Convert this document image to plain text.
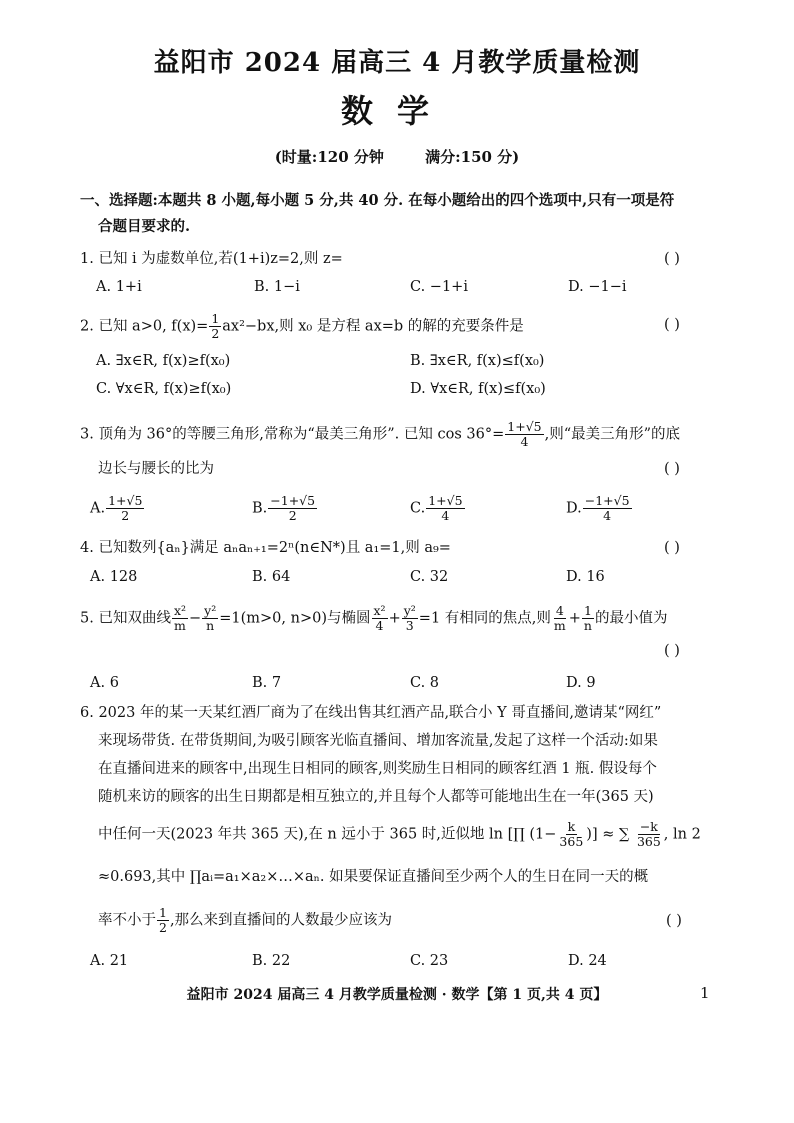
益阳市 2024 届高三 4 月教学质量检测
数学
(时量:120 分钟	满分:150 分)
一、选择题:本题共 8 小题,每小题 5 分,共 40 分. 在每小题给出的四个选项中,只有一项是符
合题目要求的.
1. 已知 i 为虚数单位,若(1+i)z=2,则 z=	( )
A. 1+i	B. 1−i	C. −1+i	D. −1−i
2. 已知 a>0, $f(x)= \frac{1}{2} ax^2-bx$,则 x₀ 是方程 ax=b 的解的充要条件是	( )
A. ∃x∈R, f(x)≥f(x₀)	B. ∃x∈R, f(x)≤f(x₀)
C. ∀x∈R, f(x)≥f(x₀)	D. ∀x∈R, f(x)≤f(x₀)
3. 顶角为 36°的等腰三角形,常称为“最美三角形”. 已知 $\cos 36^\circ= \frac{1+√5}{4}$ ,则“最美三角形”的底
边长与腰长的比为	( )
A. $\frac{1+√5}{2}$	B. $\frac{-1+√5}{2}$	C. $\frac{1+√5}{4}$	D. $\frac{-1+√5}{4}$
4. 已知数列{aₙ}满足 aₙaₙ₊₁=2ⁿ(n∈N*)且 a₁=1,则 a₉=	( )
A. 128	B. 64	C. 32	D. 16
5. 已知双曲线 $\frac{\text{x²}}{m} - \frac{\text{y²}}{n} =1(m>0$, n>0)与椭圆 $\frac{\text{x²}}{4} + \frac{\text{y²}}{3} =1$ 有相同的焦点,则 $\frac{4}{m} + \frac{1}{n}$ 的最小值为
( )
A. 6	B. 7	C. 8	D. 9
6. 2023 年的某一天某红酒厂商为了在线出售其红酒产品,联合小 Y 哥直播间,邀请某“网红”
来现场带货. 在带货期间,为吸引顾客光临直播间、增加客流量,发起了这样一个活动:如果
在直播间进来的顾客中,出现生日相同的顾客,则奖励生日相同的顾客红酒 1 瓶. 假设每个
随机来访的顾客的出生日期都是相互独立的,并且每个人都等可能地出生在一年(365 天)
中任何一天(2023 年共 365 天),在 n 远小于 365 时,近似地 ln [∏ ($1- \frac{k}{365}$ )] ≈ ∑ $\frac{-k}{365}$ , ln 2
≈0.693,其中 ∏aᵢ=a₁×a₂×…×aₙ. 如果要保证直播间至少两个人的生日在同一天的概
率不小于 $\frac{1}{2}$ ,那么来到直播间的人数最少应该为	( )
A. 21	B. 22	C. 23	D. 24
益阳市 2024 届高三 4 月教学质量检测 · 数学【第 1 页,共 4 页】	1
